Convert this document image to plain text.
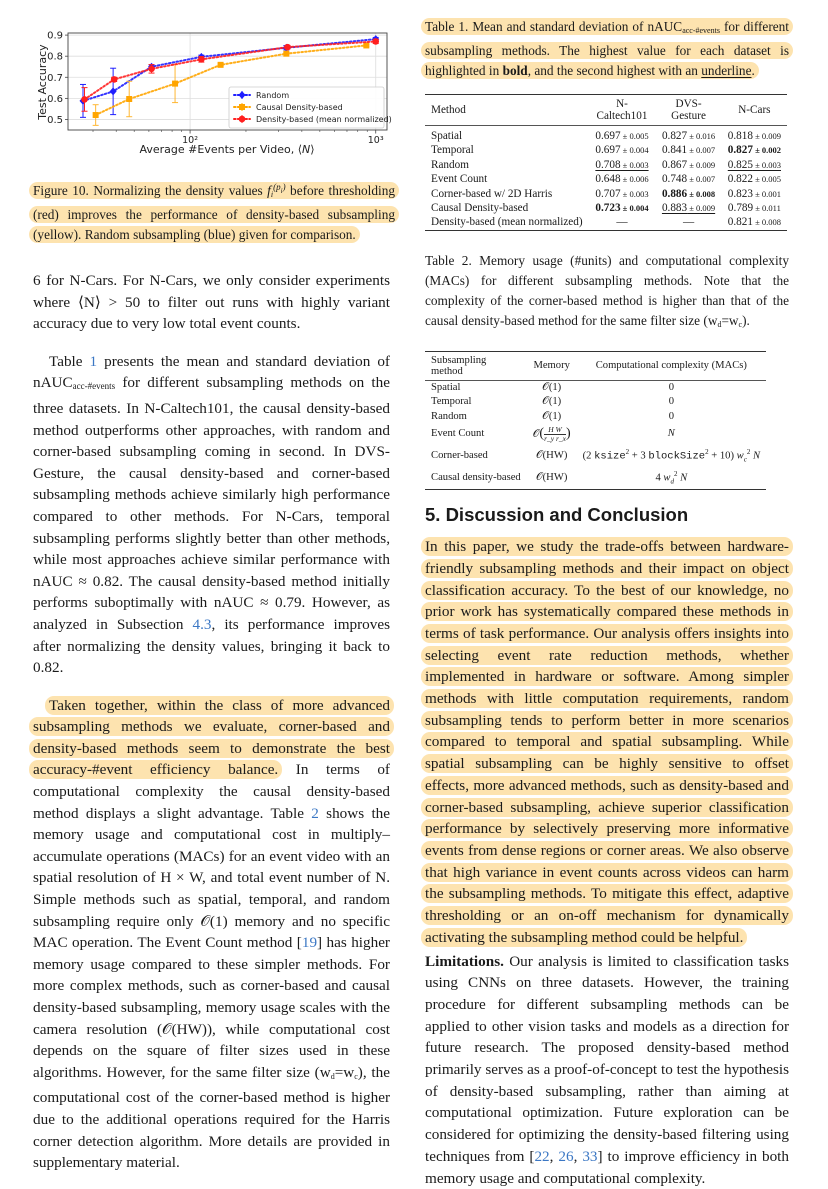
0.5
0.6
0.7
0.8
0.9
10²	10³
Test Accuracy
Average #Events per Video, ⟨N⟩
Random
Causal Density-based
Density-based (mean normalized)
Figure 10. Normalizing the density values $f_i^{(p_i)}$ before thresholding (red) improves the performance of density-based subsampling (yellow). Random subsampling (blue) given for comparison.

6 for N-Cars. For N-Cars, we only consider experiments where ⟨N⟩ > 50 to filter out runs with highly variant accuracy due to very low total event counts.

Table 1 presents the mean and standard deviation of nAUC$_{acc-\#events}$ for different subsampling methods on the three datasets. In N-Caltech101, the causal density-based method outperforms other approaches, with random and corner-based subsampling coming in second. In DVS-Gesture, the causal density-based and corner-based subsampling methods achieve similarly high performance compared to other methods. For N-Cars, temporal subsampling performs slightly better than other methods, while most approaches achieve similar performance with nAUC ≈ 0.82. The causal density-based method initially performs suboptimally with nAUC ≈ 0.79. However, as analyzed in Subsection 4.3, its performance improves after normalizing the density values, bringing it back to 0.82.

Taken together, within the class of more advanced subsampling methods we evaluate, corner-based and density-based methods seem to demonstrate the best accuracy-#event efficiency balance. In terms of computational complexity the causal density-based method displays a slight advantage. Table 2 shows the memory usage and computational cost in multiply–accumulate operations (MACs) for an event video with an spatial resolution of H × W, and total event number of N. Simple methods such as spatial, temporal, and random subsampling require only 𝒪(1) memory and no specific MAC operation. The Event Count method [19] has higher memory usage compared to these simpler methods. For more complex methods, such as corner-based and causal density-based subsampling, memory usage scales with the camera resolution (𝒪(HW)), while computational cost depends on the square of filter sizes used in these algorithms. However, for the same filter size $(w_d=w_c)$, the computational cost of the corner-based method is higher due to the additional operations required for the Harris corner detection algorithm. More details are provided in supplementary material.

Table 1. Mean and standard deviation of nAUC$_{acc-\#events}$ for different subsampling methods. The highest value for each dataset is highlighted in bold, and the second highest with an underline.
Method	N-Caltech101	DVS-Gesture	N-Cars
Spatial	0.697 ± 0.005	0.827 ± 0.016	0.818 ± 0.009
Temporal	0.697 ± 0.004	0.841 ± 0.007	0.827 ± 0.002
Random	0.708 ± 0.003	0.867 ± 0.009	0.825 ± 0.003
Event Count	0.648 ± 0.006	0.748 ± 0.007	0.822 ± 0.005
Corner-based w/ 2D Harris	0.707 ± 0.003	0.886 ± 0.008	0.823 ± 0.001
Causal Density-based	0.723 ± 0.004	0.883 ± 0.009	0.789 ± 0.011
Density-based (mean normalized)	—	—	0.821 ± 0.008
Table 2. Memory usage (#units) and computational complexity (MACs) for different subsampling methods. Note that the complexity of the corner-based method is higher than that of the causal density-based method for the same filter size $(w_d=w_c)$.
Subsampling method	Memory	Computational complexity (MACs)
Spatial	𝒪(1)	0
Temporal	𝒪(1)	0
Random	𝒪(1)	0
Event Count	𝒪( $\frac{\text{H W}}{\text{r\_y r\_x}}$ )	N
Corner-based	𝒪(HW)	(2 ksize$^2$ + 3 blockSize$^2$ + 10) $w_c^2$ N
Causal density-based	𝒪(HW)	4 $w_d^2$ N
5. Discussion and Conclusion

In this paper, we study the trade-offs between hardware-friendly subsampling methods and their impact on object classification accuracy. To the best of our knowledge, no prior work has systematically compared these methods in terms of task performance. Our analysis offers insights into selecting event rate reduction methods, whether implemented in hardware or software. Among simpler methods with little computation requirements, random subsampling tends to perform better in more scenarios compared to temporal and spatial subsampling. While spatial subsampling can be highly sensitive to offset effects, more advanced methods, such as density-based and corner-based subsampling, achieve superior classification performance by selectively preserving more informative events from dense regions or corner areas. We also observe that high variance in event counts across videos can harm the subsampling methods. To mitigate this effect, adaptive thresholding or an on-off mechanism for dynamically activating the subsampling method could be helpful.

Limitations. Our analysis is limited to classification tasks using CNNs on three datasets. However, the training procedure for different subsampling methods can be applied to other vision tasks and models as a direction for future research. The proposed density-based method primarily serves as a proof-of-concept to test the hypothesis of density-based subsampling, rather than aiming at computational optimization. Future exploration can be considered for optimizing the density-based filtering using techniques from [22, 26, 33] to improve efficiency in both memory usage and computational complexity.
